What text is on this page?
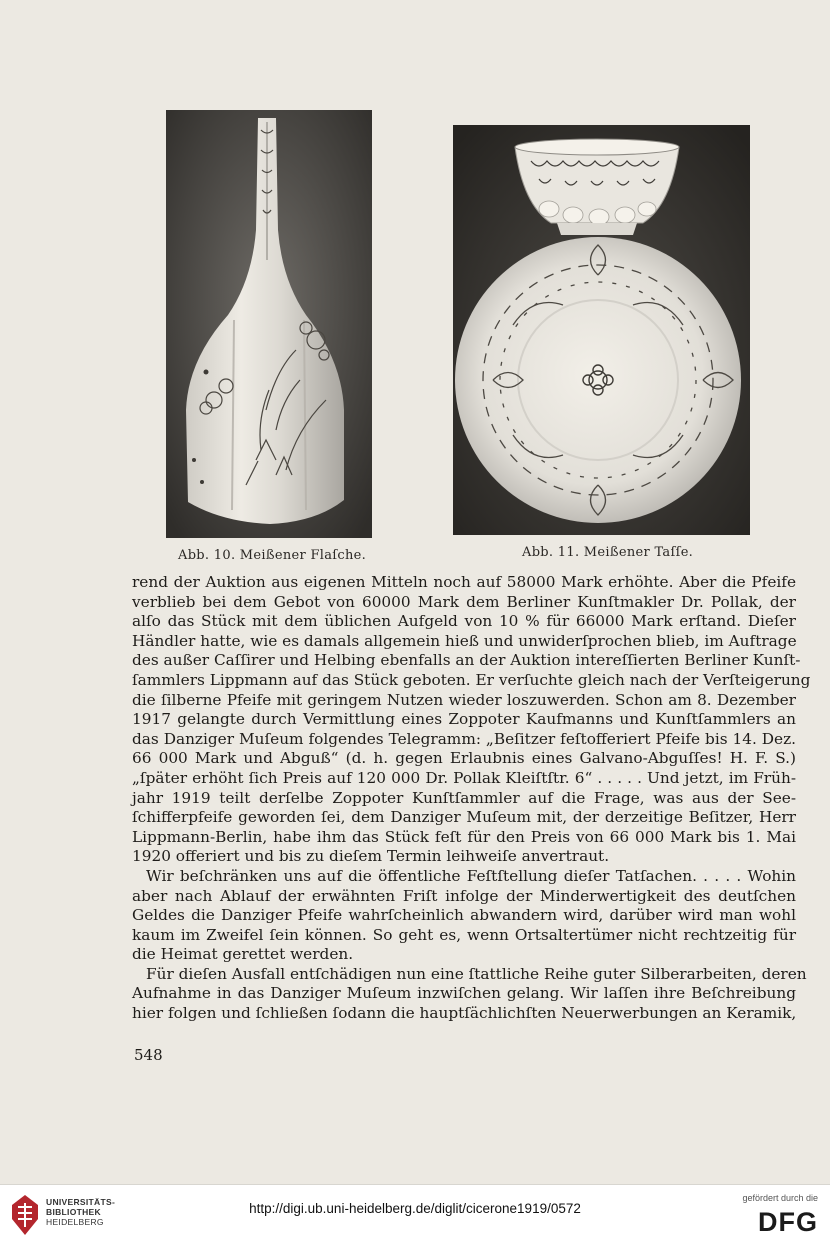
Abb. 10. Meißener Flaſche.	Abb. 11. Meißener Taſſe.
rend der Auktion aus eigenen Mitteln noch auf 58000 Mark erhöhte. Aber die Pfeife
verblieb bei dem Gebot von 60000 Mark dem Berliner Kunſtmakler Dr. Pollak, der
alſo das Stück mit dem üblichen Aufgeld von 10 % für 66000 Mark erſtand. Dieſer
Händler hatte, wie es damals allgemein hieß und unwiderſprochen blieb, im Auftrage
des außer Caſſirer und Helbing ebenfalls an der Auktion intereſſierten Berliner Kunſt-
ſammlers Lippmann auf das Stück geboten. Er verſuchte gleich nach der Verſteigerung
die ſilberne Pfeife mit geringem Nutzen wieder loszuwerden. Schon am 8. Dezember
1917 gelangte durch Vermittlung eines Zoppoter Kaufmanns und Kunſtſammlers an
das Danziger Muſeum folgendes Telegramm: „Beſitzer feſtofferiert Pfeife bis 14. Dez.
66 000 Mark und Abguß“ (d. h. gegen Erlaubnis eines Galvano-Abguſſes! H. F. S.)
„ſpäter erhöht ſich Preis auf 120 000 Dr. Pollak Kleiſtſtr. 6“ . . . . . Und jetzt, im Früh-
jahr 1919 teilt derſelbe Zoppoter Kunſtſammler auf die Frage, was aus der See-
ſchifferpfeife geworden ſei, dem Danziger Muſeum mit, der derzeitige Beſitzer, Herr
Lippmann-Berlin, habe ihm das Stück feſt für den Preis von 66 000 Mark bis 1. Mai
1920 offeriert und bis zu dieſem Termin leihweiſe anvertraut.
Wir beſchränken uns auf die öffentliche Feſtſtellung dieſer Tatſachen. . . . . Wohin
aber nach Ablauf der erwähnten Friſt infolge der Minderwertigkeit des deutſchen
Geldes die Danziger Pfeife wahrſcheinlich abwandern wird, darüber wird man wohl
kaum im Zweifel ſein können. So geht es, wenn Ortsaltertümer nicht rechtzeitig für
die Heimat gerettet werden.
Für dieſen Ausfall entſchädigen nun eine ſtattliche Reihe guter Silberarbeiten, deren
Aufnahme in das Danziger Muſeum inzwiſchen gelang. Wir laſſen ihre Beſchreibung
hier folgen und ſchließen ſodann die hauptſächlichſten Neuerwerbungen an Keramik,
548
UNIVERSITÄTS-
BIBLIOTHEK
HEIDELBERG
http://digi.ub.uni-heidelberg.de/diglit/cicerone1919/0572
gefördert durch die
DFG
